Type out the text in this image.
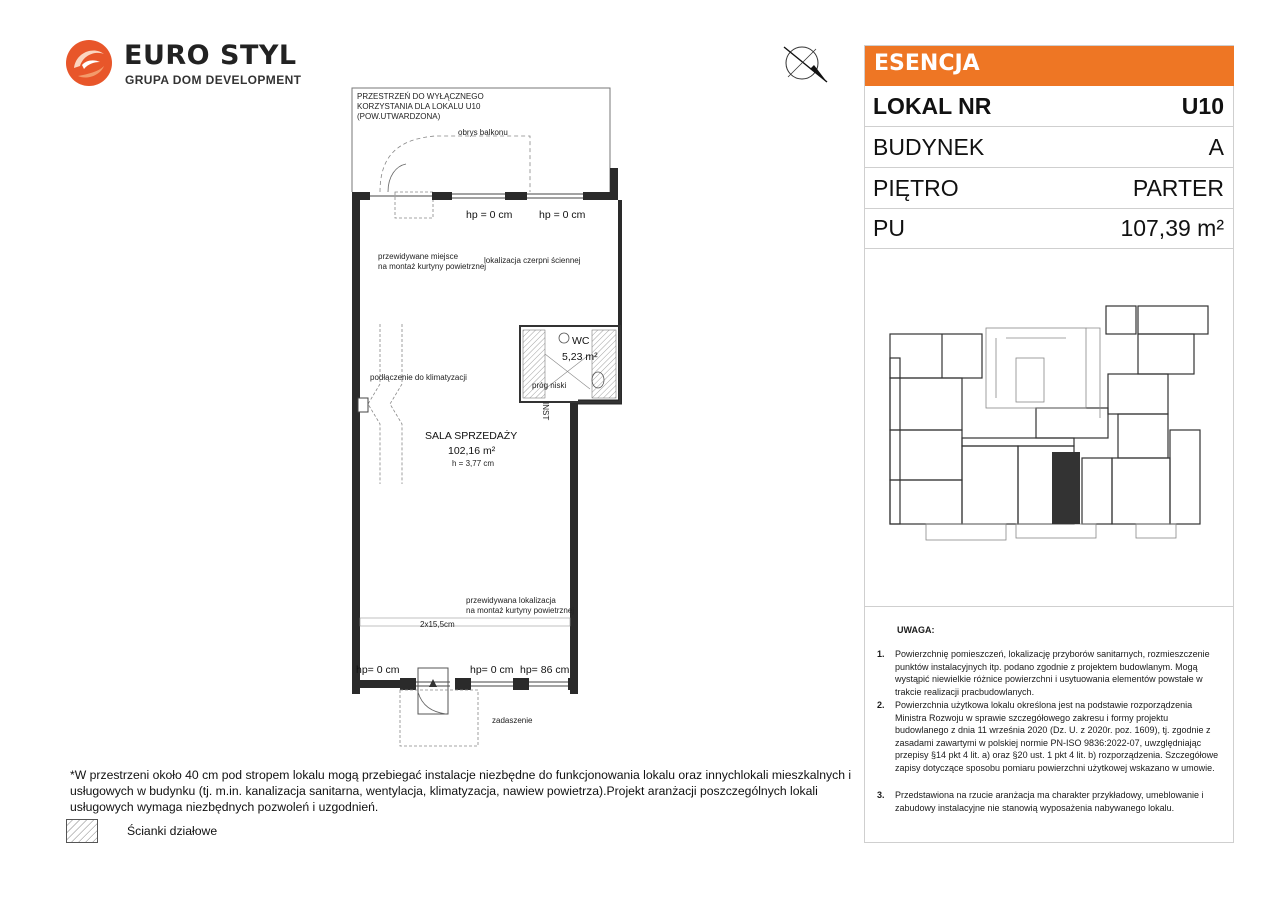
EURO STYL
GRUPA DOM DEVELOPMENT
PRZESTRZEŃ DO WYŁĄCZNEGO
KORZYSTANIA DLA LOKALU U10
(POW.UTWARDZONA)
obrys balkonu
hp = 0 cm	hp = 0 cm
przewidywane miejsce
na montaż kurtyny powietrznej
lokalizacja czerpni ściennej
podłączenie do klimatyzacji
WC
5,23 m²
próg niski
SALA SPRZEDAŻY
102,16 m²
h = 3,77 cm
przewidywana lokalizacja
na montaż kurtyny powietrznej
2x15,5cm
hp= 0 cm	hp= 0 cm hp= 86 cm
zadaszenie
INST
ESENCJA
LOKAL NR	U10
BUDYNEK	A
PIĘTRO	PARTER
PU	107,39 m²
UWAGA:
1. Powierzchnię pomieszczeń, lokalizację przyborów sanitarnych, rozmieszczenie punktów instalacyjnych itp. podano zgodnie z projektem budowlanym. Mogą wystąpić niewielkie różnice powierzchni i usytuowania elementów powstałe w trakcie realizacji pracbudowlanych.
2. Powierzchnia użytkowa lokalu określona jest na podstawie rozporządzenia Ministra Rozwoju w sprawie szczegółowego zakresu i formy projektu budowlanego z dnia 11 września 2020 (Dz. U. z 2020r. poz. 1609), tj. zgodnie z zasadami zawartymi w polskiej normie PN-ISO 9836:2022-07, uwzględniając przepisy §14 pkt 4 lit. a) oraz §20 ust. 1 pkt 4 lit. b) rozporządzenia. Szczegółowe zapisy dotyczące sposobu pomiaru powierzchni użytkowej wskazano w umowie.
3. Przedstawiona na rzucie aranżacja ma charakter przykładowy, umeblowanie i zabudowy instalacyjne nie stanowią wyposażenia nabywanego lokalu.
*W przestrzeni około 40 cm pod stropem lokalu mogą przebiegać instalacje niezbędne do funkcjonowania lokalu oraz innychlokali mieszkalnych i usługowych w budynku (tj. m.in. kanalizacja sanitarna, wentylacja, klimatyzacja, nawiew powietrza).Projekt aranżacji poszczególnych lokali usługowych wymaga niezbędnych pozwoleń i uzgodnień.
Ścianki działowe
